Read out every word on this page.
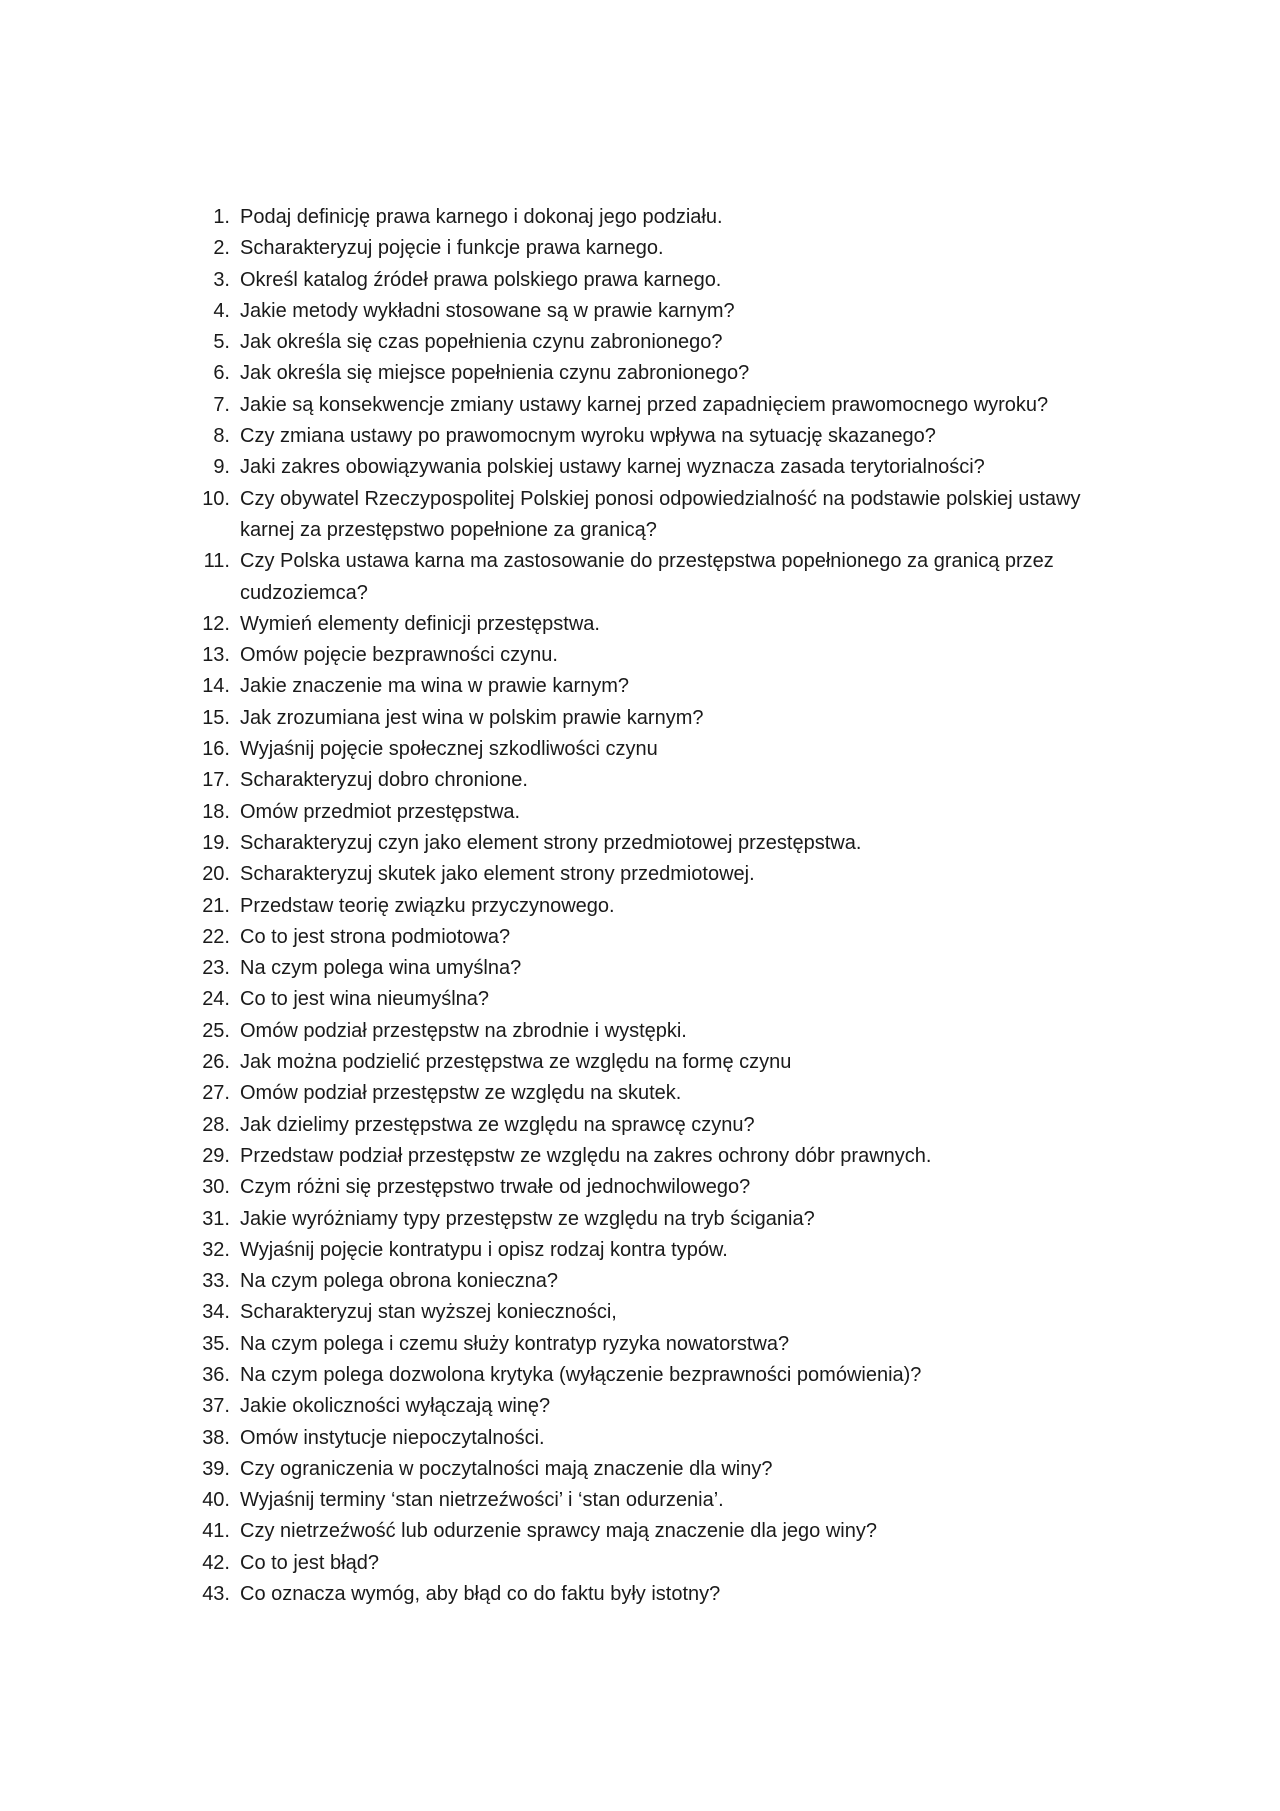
1. Podaj definicję prawa karnego i dokonaj jego podziału.
2. Scharakteryzuj pojęcie i funkcje prawa karnego.
3. Określ katalog źródeł prawa polskiego prawa karnego.
4. Jakie metody wykładni stosowane są w prawie karnym?
5. Jak określa się czas popełnienia czynu zabronionego?
6. Jak określa się miejsce popełnienia czynu zabronionego?
7. Jakie są konsekwencje zmiany ustawy karnej przed zapadnięciem prawomocnego wyroku?
8. Czy zmiana ustawy po prawomocnym wyroku wpływa na sytuację skazanego?
9. Jaki zakres obowiązywania polskiej ustawy karnej wyznacza zasada terytorialności?
10. Czy obywatel Rzeczypospolitej Polskiej ponosi odpowiedzialność na podstawie polskiej ustawy karnej za przestępstwo popełnione za granicą?
11. Czy Polska ustawa karna ma zastosowanie do przestępstwa popełnionego za granicą przez cudzoziemca?
12. Wymień elementy definicji przestępstwa.
13. Omów pojęcie bezprawności czynu.
14. Jakie znaczenie ma wina w prawie karnym?
15. Jak zrozumiana jest wina w polskim prawie karnym?
16. Wyjaśnij pojęcie społecznej szkodliwości czynu
17. Scharakteryzuj dobro chronione.
18. Omów przedmiot przestępstwa.
19. Scharakteryzuj czyn jako element strony przedmiotowej przestępstwa.
20. Scharakteryzuj skutek jako element strony przedmiotowej.
21. Przedstaw teorię związku przyczynowego.
22. Co to jest strona podmiotowa?
23. Na czym polega wina umyślna?
24. Co to jest wina nieumyślna?
25. Omów podział przestępstw na zbrodnie i występki.
26. Jak można podzielić przestępstwa ze względu na formę czynu
27. Omów podział przestępstw ze względu na skutek.
28. Jak dzielimy przestępstwa ze względu na sprawcę czynu?
29. Przedstaw podział przestępstw ze względu na zakres ochrony dóbr prawnych.
30. Czym różni się przestępstwo trwałe od jednochwilowego?
31. Jakie wyróżniamy typy przestępstw ze względu na tryb ścigania?
32. Wyjaśnij pojęcie kontratypu i opisz rodzaj kontra typów.
33. Na czym polega obrona konieczna?
34. Scharakteryzuj stan wyższej konieczności,
35. Na czym polega i czemu służy kontratyp ryzyka nowatorstwa?
36. Na czym polega dozwolona krytyka (wyłączenie bezprawności pomówienia)?
37. Jakie okoliczności wyłączają winę?
38. Omów instytucje niepoczytalności.
39. Czy ograniczenia w poczytalności mają znaczenie dla winy?
40. Wyjaśnij terminy ‘stan nietrzeźwości’ i ‘stan odurzenia’.
41. Czy nietrzeźwość lub odurzenie sprawcy mają znaczenie dla jego winy?
42. Co to jest błąd?
43. Co oznacza wymóg, aby błąd co do faktu były istotny?
